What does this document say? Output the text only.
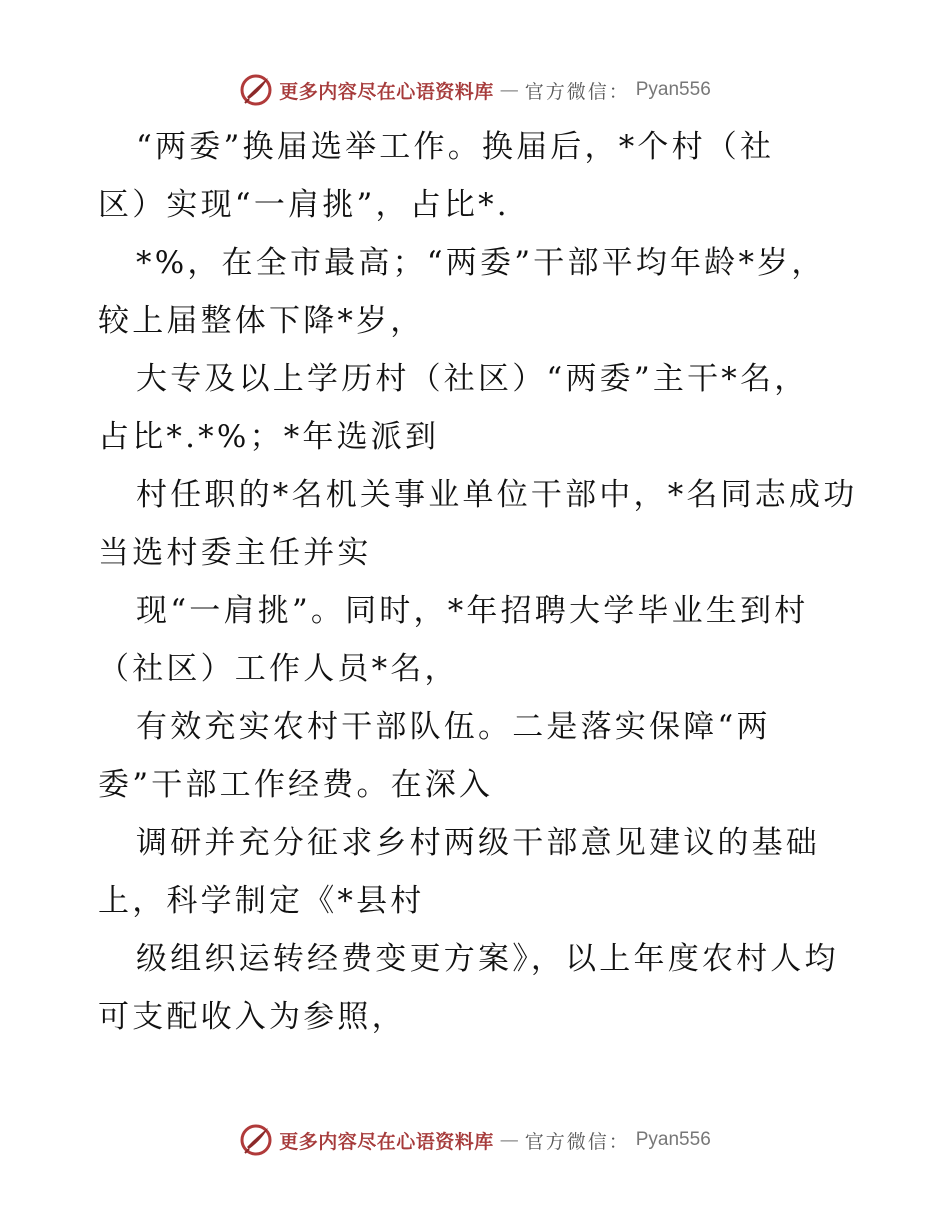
更多内容尽在心语资料库 — 官方微信： Pyan556
“两委”换届选举工作。换届后，*个村（社
区）实现“一肩挑”，占比*.
*%，在全市最高；“两委”干部平均年龄*岁，
较上届整体下降*岁，
大专及以上学历村（社区）“两委”主干*名，
占比*.*%；*年选派到
村任职的*名机关事业单位干部中，*名同志成功
当选村委主任并实
现“一肩挑”。同时，*年招聘大学毕业生到村
（社区）工作人员*名，
有效充实农村干部队伍。二是落实保障“两
委”干部工作经费。在深入
调研并充分征求乡村两级干部意见建议的基础
上，科学制定《*县村
级组织运转经费变更方案》，以上年度农村人均
可支配收入为参照，
更多内容尽在心语资料库 — 官方微信： Pyan556
